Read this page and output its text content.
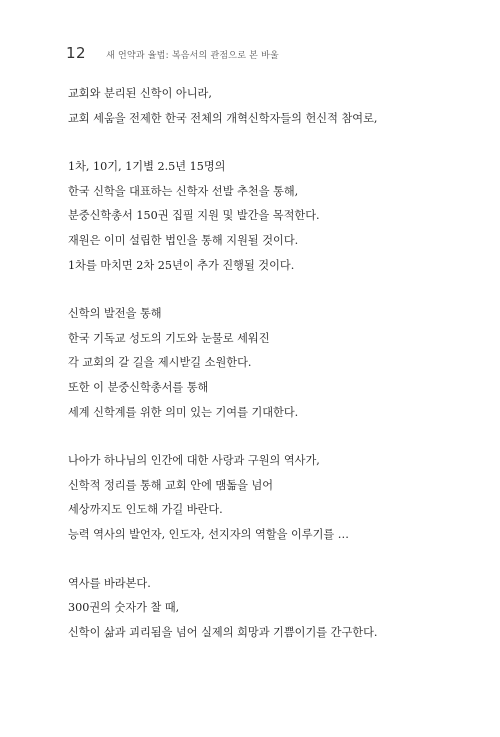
12 새 언약과 율법: 복음서의 관점으로 본 바울
교회와 분리된 신학이 아니라,
교회 세움을 전제한 한국 전체의 개혁신학자들의 헌신적 참여로,
1차, 10기, 1기별 2.5년 15명의
한국 신학을 대표하는 신학자 선발 추천을 통해,
분중신학총서 150권 집필 지원 및 발간을 목적한다.
재원은 이미 설립한 법인을 통해 지원될 것이다.
1차를 마치면 2차 25년이 추가 진행될 것이다.
신학의 발전을 통해
한국 기독교 성도의 기도와 눈물로 세워진
각 교회의 갈 길을 제시받길 소원한다.
또한 이 분중신학총서를 통해
세계 신학계를 위한 의미 있는 기여를 기대한다.
나아가 하나님의 인간에 대한 사랑과 구원의 역사가,
신학적 정리를 통해 교회 안에 맴돎을 넘어
세상까지도 인도해 가길 바란다.
능력 역사의 발언자, 인도자, 선지자의 역할을 이루기를 …
역사를 바라본다.
300권의 숫자가 찰 때,
신학이 삶과 괴리됨을 넘어 실제의 희망과 기쁨이기를 간구한다.
